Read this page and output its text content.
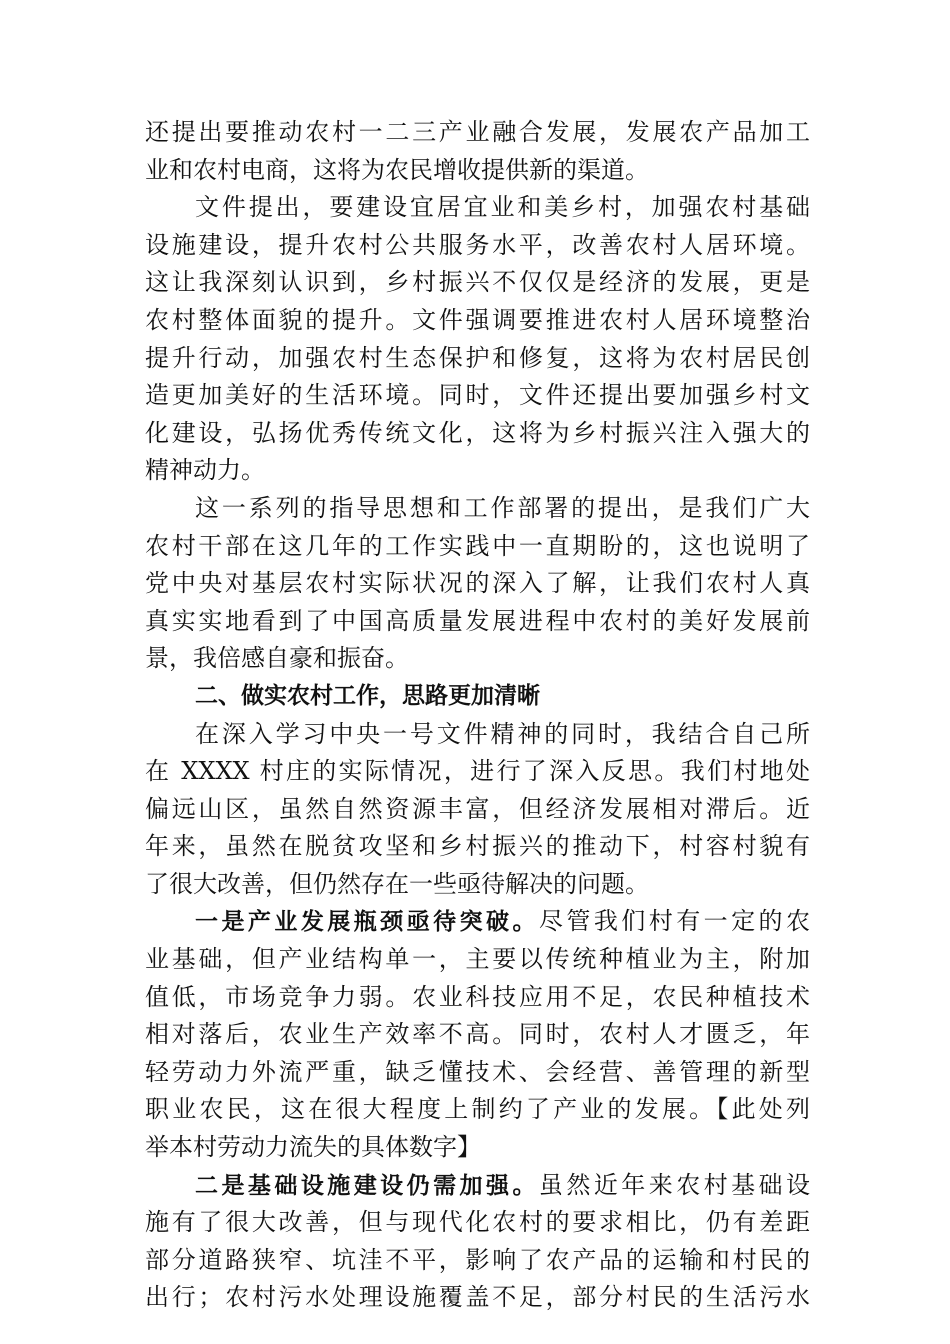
还提出要推动农村一二三产业融合发展，发展农产品加工
业和农村电商，这将为农民增收提供新的渠道。
文件提出，要建设宜居宜业和美乡村，加强农村基础
设施建设，提升农村公共服务水平，改善农村人居环境。
这让我深刻认识到，乡村振兴不仅仅是经济的发展，更是
农村整体面貌的提升。文件强调要推进农村人居环境整治
提升行动，加强农村生态保护和修复，这将为农村居民创
造更加美好的生活环境。同时，文件还提出要加强乡村文
化建设，弘扬优秀传统文化，这将为乡村振兴注入强大的
精神动力。
这一系列的指导思想和工作部署的提出，是我们广大
农村干部在这几年的工作实践中一直期盼的，这也说明了
党中央对基层农村实际状况的深入了解，让我们农村人真
真实实地看到了中国高质量发展进程中农村的美好发展前
景，我倍感自豪和振奋。
二、做实农村工作，思路更加清晰
在深入学习中央一号文件精神的同时，我结合自己所
在 XXXX 村庄的实际情况，进行了深入反思。我们村地处
偏远山区，虽然自然资源丰富，但经济发展相对滞后。近
年来，虽然在脱贫攻坚和乡村振兴的推动下，村容村貌有
了很大改善，但仍然存在一些亟待解决的问题。
一是产业发展瓶颈亟待突破。尽管我们村有一定的农
业基础，但产业结构单一，主要以传统种植业为主，附加
值低，市场竞争力弱。农业科技应用不足，农民种植技术
相对落后，农业生产效率不高。同时，农村人才匮乏，年
轻劳动力外流严重，缺乏懂技术、会经营、善管理的新型
职业农民，这在很大程度上制约了产业的发展。【此处列
举本村劳动力流失的具体数字】
二是基础设施建设仍需加强。虽然近年来农村基础设
施有了很大改善，但与现代化农村的要求相比，仍有差距
部分道路狭窄、坑洼不平，影响了农产品的运输和村民的
出行；农村污水处理设施覆盖不足，部分村民的生活污水
